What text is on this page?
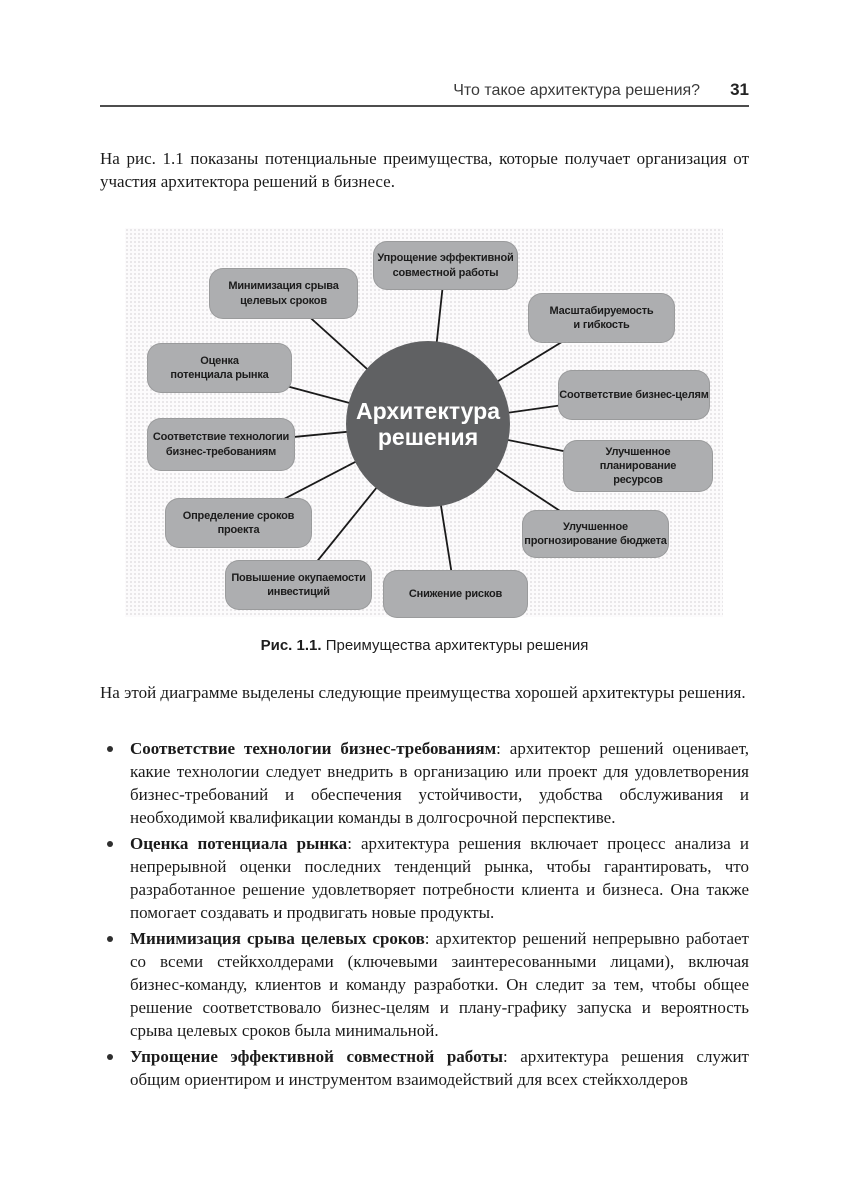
Что такое архитектура решения? 31

На рис. 1.1 показаны потенциальные преимущества, которые получает организация от участия архитектора решений в бизнесе.

Минимизация срыва
целевых сроков
Упрощение эффективной
совместной работы
Масштабируемость
и гибкость
Оценка
потенциала рынка
Соответствие бизнес-целям
Соответствие технологии
бизнес-требованиям	Улучшенное
планирование
ресурсов
Определение сроков
проекта	Улучшенное
прогнозирование бюджета
Повышение окупаемости
инвестиций	Снижение рисков
Архитектура
решения
Рис. 1.1. Преимущества архитектуры решения

На этой диаграмме выделены следующие преимущества хорошей архитектуры решения.

Соответствие технологии бизнес-требованиям: архитектор решений оценивает, какие технологии следует внедрить в организацию или проект для удовлетворения бизнес-требований и обеспечения устойчивости, удобства обслуживания и необходимой квалификации команды в долгосрочной перспективе.
Оценка потенциала рынка: архитектура решения включает процесс анализа и непрерывной оценки последних тенденций рынка, чтобы гарантировать, что разработанное решение удовлетворяет потребности клиента и бизнеса. Она также помогает создавать и продвигать новые продукты.
Минимизация срыва целевых сроков: архитектор решений непрерывно работает со всеми стейкхолдерами (ключевыми заинтересованными лицами), включая бизнес-команду, клиентов и команду разработки. Он следит за тем, чтобы общее решение соответствовало бизнес-целям и плану-графику запуска и вероятность срыва целевых сроков была минимальной.
Упрощение эффективной совместной работы: архитектура решения служит общим ориентиром и инструментом взаимодействий для всех стейкхолдеров
